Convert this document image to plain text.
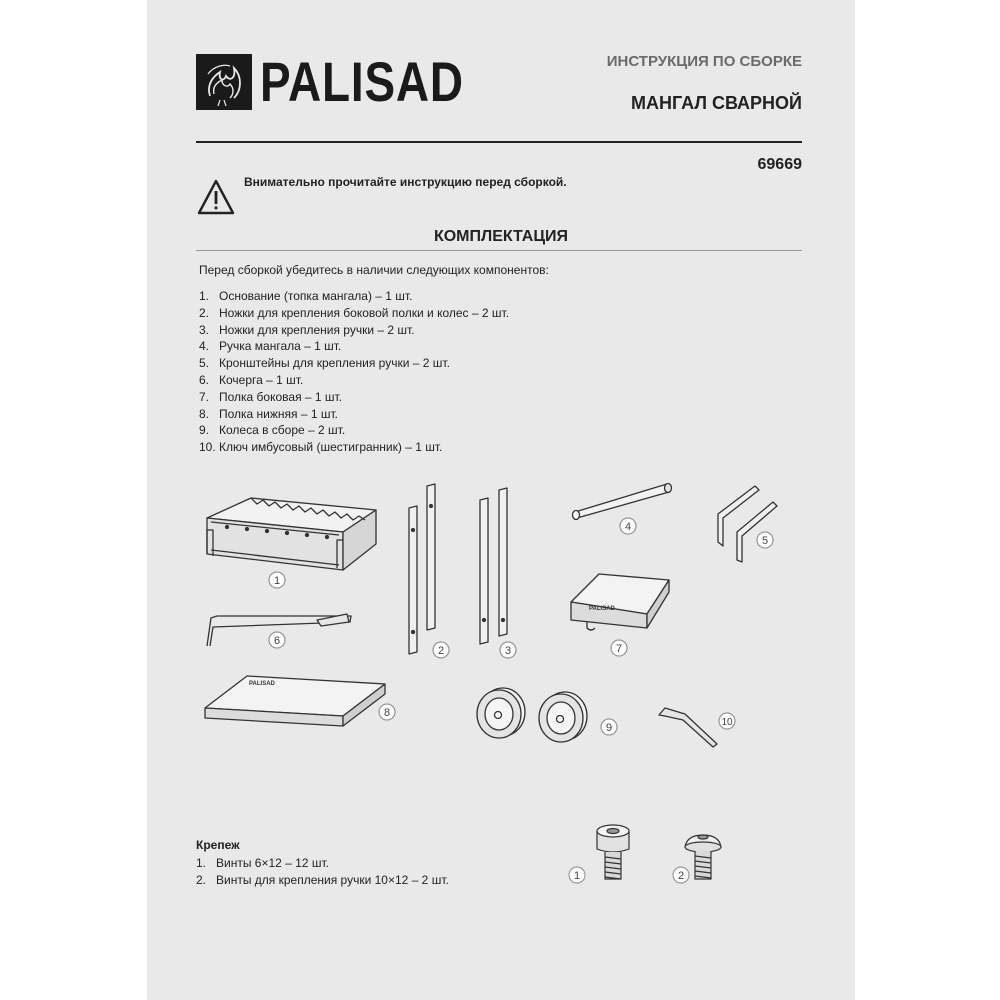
PALISAD	ИНСТРУКЦИЯ ПО СБОРКЕ
МАНГАЛ СВАРНОЙ
69669
Внимательно прочитайте инструкцию перед сборкой.
КОМПЛЕКТАЦИЯ
Перед сборкой убедитесь в наличии следующих компонентов:
1. Основание (топка мангала) – 1 шт.
2. Ножки для крепления боковой полки и колес – 2 шт.
3. Ножки для крепления ручки – 2 шт.
4. Ручка мангала – 1 шт.
5. Кронштейны для крепления ручки – 2 шт.
6. Кочерга – 1 шт.
7. Полка боковая – 1 шт.
8. Полка нижняя – 1 шт.
9. Колеса в сборе – 2 шт.
10. Ключ имбусовый (шестигранник) – 1 шт.
1
2	3
4
5
6
7
8
9	10
PALISAD
PALISAD
Крепеж
1. Винты 6×12 – 12 шт.
2. Винты для крепления ручки 10×12 – 2 шт.	1	2
